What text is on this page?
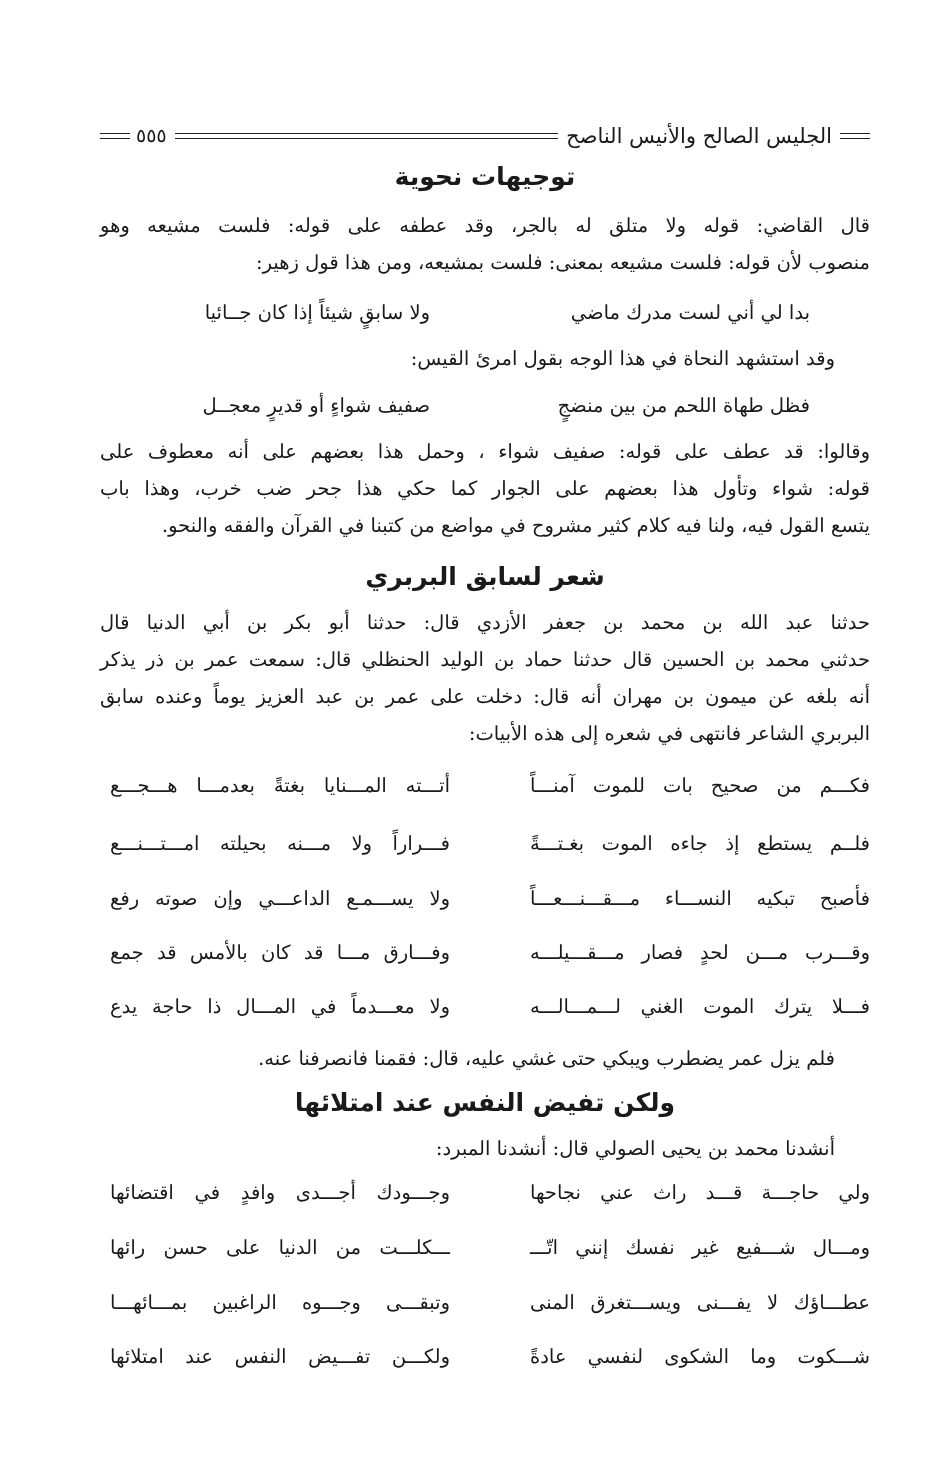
الجليس الصالح والأنيس الناصح
٥٥٥
توجيهات نحوية
قال القاضي: قوله ولا متلق له بالجر، وقد عطفه على قوله: فلست مشيعه وهو
منصوب لأن قوله: فلست مشيعه بمعنى: فلست بمشيعه، ومن هذا قول زهير:
بدا لي أني لست مدرك ماضي
ولا سابقٍ شيئاً إذا كان جــائيا
وقد استشهد النحاة في هذا الوجه بقول امرئ القيس:
فظل طهاة اللحم من بين منضجٍ
صفيف شواءٍ أو قديرٍ معجــل
وقالوا: قد عطف على قوله: صفيف شواء ، وحمل هذا بعضهم على أنه معطوف على
قوله: شواء وتأول هذا بعضهم على الجوار كما حكي هذا جحر ضب خرب، وهذا باب
يتسع القول فيه، ولنا فيه كلام كثير مشروح في مواضع من كتبنا في القرآن والفقه والنحو.
شعر لسابق البربري
حدثنا عبد الله بن محمد بن جعفر الأزدي قال: حدثنا أبو بكر بن أبي الدنيا قال
حدثني محمد بن الحسين قال حدثنا حماد بن الوليد الحنظلي قال: سمعت عمر بن ذر يذكر
أنه بلغه عن ميمون بن مهران أنه قال: دخلت على عمر بن عبد العزيز يوماً وعنده سابق
البربري الشاعر فانتهى في شعره إلى هذه الأبيات:
فكـــم من صحيح بات للموت آمنـــاً
أتـــته المـــنايا بغتةً بعدمـــا هـــجـــع
فلــم يستطع إذ جاءه الموت بغـتـــةً
فـــراراً ولا مـــنه بحيلته امـــتـــنـــع
فأصبح تبكيه النســـاء مـــقـــنـــعـــاً
ولا يســـمـع الداعـــي وإن صوته رفع
وقـــرب مـــن لحدٍ فصار مـــقـــيلـــه
وفـــارق مـــا قد كان بالأمس قد جمع
فـــلا يترك الموت الغني لـــمـــالـــه
ولا معـــدماً في المـــال ذا حاجة يدع
فلم يزل عمر يضطرب ويبكي حتى غشي عليه، قال: فقمنا فانصرفنا عنه.
ولكن تفيض النفس عند امتلائها
أنشدنا محمد بن يحيى الصولي قال: أنشدنا المبرد:
ولي حاجـــة قـــد راث عني نجاحها
وجـــودك أجـــدى وافدٍ في اقتضائها
ومـــال شـــفيع غير نفسك إنني اتّـــ
ـــكلـــت من الدنيا على حسن رائها
عطـــاؤك لا يفـــنى ويســـتغرق المنى
وتبقـــى وجـــوه الراغبين بمـــائهـــا
شـــكوت وما الشكوى لنفسي عادةً
ولكـــن تفـــيض النفس عند امتلائها
